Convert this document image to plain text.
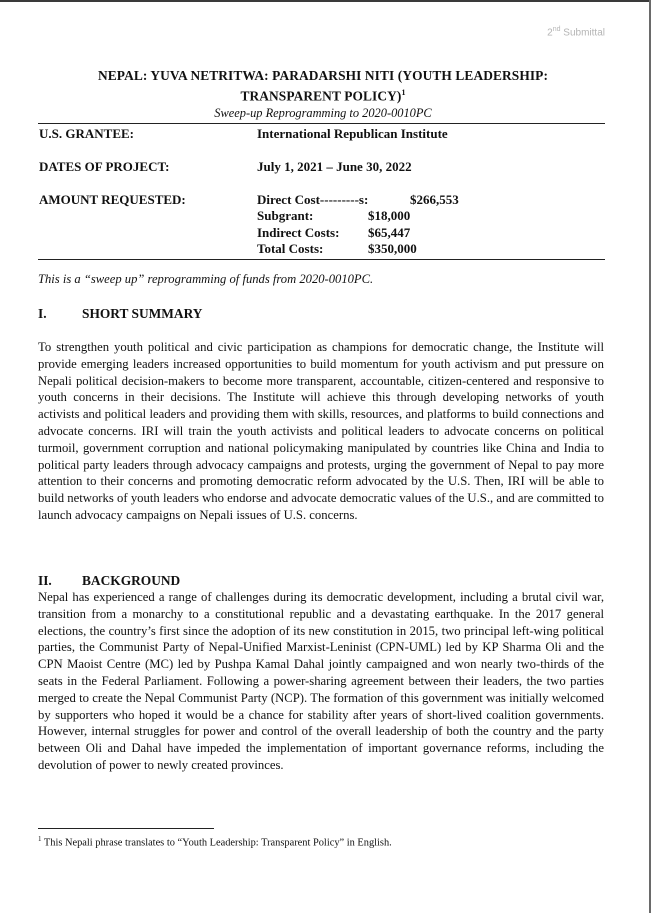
2nd Submittal
NEPAL: YUVA NETRITWA: PARADARSHI NITI (YOUTH LEADERSHIP:
TRANSPARENT POLICY)$^1$
Sweep-up Reprogramming to 2020-0010PC
U.S. GRANTEE:	International Republican Institute
DATES OF PROJECT:	July 1, 2021 – June 30, 2022
AMOUNT REQUESTED:	Direct Cost---------s:	$266,553
Subgrant:	$18,000
Indirect Costs: $65,447
Total Costs:	$350,000
This is a “sweep up” reprogramming of funds from 2020-0010PC.
I.	SHORT SUMMARY

To strengthen youth political and civic participation as champions for democratic change, the Institute will provide emerging leaders increased opportunities to build momentum for youth activism and put pressure on Nepali political decision-makers to become more transparent, accountable, citizen-centered and responsive to youth concerns in their decisions. The Institute will achieve this through developing networks of youth activists and political leaders and providing them with skills, resources, and platforms to build connections and advocate concerns. IRI will train the youth activists and political leaders to advocate concerns on political turmoil, government corruption and national policymaking manipulated by countries like China and India to political party leaders through advocacy campaigns and protests, urging the government of Nepal to pay more attention to their concerns and promoting democratic reform advocated by the U.S. Then, IRI will be able to build networks of youth leaders who endorse and advocate democratic values of the U.S., and are committed to launch advocacy campaigns on Nepali issues of U.S. concerns.

II. BACKGROUND

Nepal has experienced a range of challenges during its democratic development, including a brutal civil war, transition from a monarchy to a constitutional republic and a devastating earthquake. In the 2017 general elections, the country’s first since the adoption of its new constitution in 2015, two principal left-wing political parties, the Communist Party of Nepal-Unified Marxist-Leninist (CPN-UML) led by KP Sharma Oli and the CPN Maoist Centre (MC) led by Pushpa Kamal Dahal jointly campaigned and won nearly two-thirds of the seats in the Federal Parliament. Following a power-sharing agreement between their leaders, the two parties merged to create the Nepal Communist Party (NCP). The formation of this government was initially welcomed by supporters who hoped it would be a chance for stability after years of short-lived coalition governments. However, internal struggles for power and control of the overall leadership of both the country and the party between Oli and Dahal have impeded the implementation of important governance reforms, including the devolution of power to newly created provinces.

$^1$ This Nepali phrase translates to “Youth Leadership: Transparent Policy” in English.
